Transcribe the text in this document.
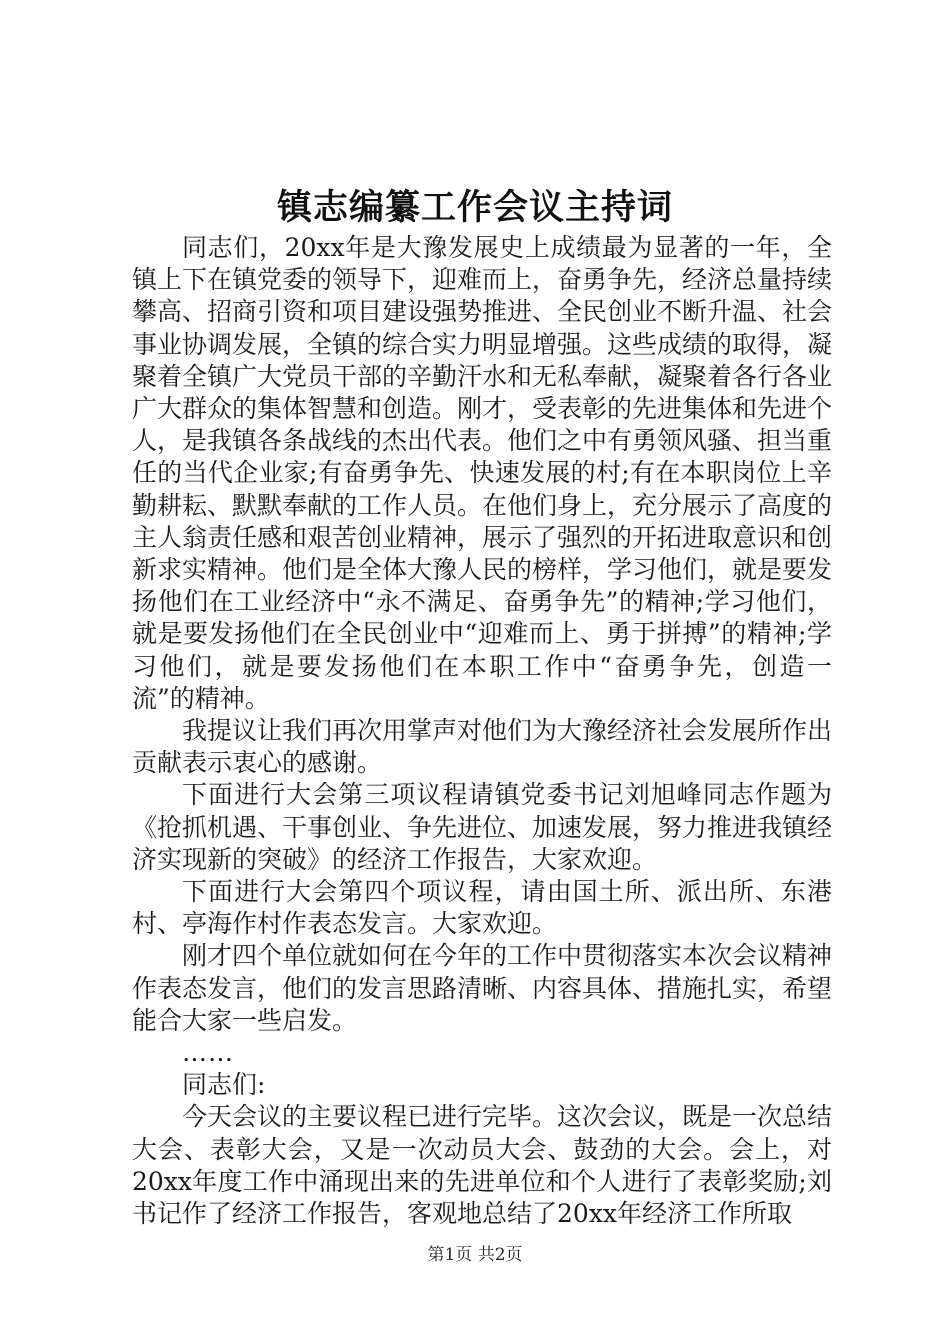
镇志编纂工作会议主持词

同志们，20xx年是大豫发展史上成绩最为显著的一年，全镇上下在镇党委的领导下，迎难而上，奋勇争先，经济总量持续攀高、招商引资和项目建设强势推进、全民创业不断升温、社会事业协调发展，全镇的综合实力明显增强。这些成绩的取得，凝聚着全镇广大党员干部的辛勤汗水和无私奉献，凝聚着各行各业广大群众的集体智慧和创造。刚才，受表彰的先进集体和先进个人，是我镇各条战线的杰出代表。他们之中有勇领风骚、担当重任的当代企业家;有奋勇争先、快速发展的村;有在本职岗位上辛勤耕耘、默默奉献的工作人员。在他们身上，充分展示了高度的主人翁责任感和艰苦创业精神，展示了强烈的开拓进取意识和创新求实精神。他们是全体大豫人民的榜样，学习他们，就是要发扬他们在工业经济中“永不满足、奋勇争先”的精神;学习他们，就是要发扬他们在全民创业中“迎难而上、勇于拼搏”的精神;学习他们，就是要发扬他们在本职工作中“奋勇争先，创造一流”的精神。

我提议让我们再次用掌声对他们为大豫经济社会发展所作出贡献表示衷心的感谢。

下面进行大会第三项议程请镇党委书记刘旭峰同志作题为《抢抓机遇、干事创业、争先进位、加速发展，努力推进我镇经济实现新的突破》的经济工作报告，大家欢迎。

下面进行大会第四个项议程，请由国土所、派出所、东港村、亭海作村作表态发言。大家欢迎。

刚才四个单位就如何在今年的工作中贯彻落实本次会议精神作表态发言，他们的发言思路清晰、内容具体、措施扎实，希望能合大家一些启发。

……

同志们:

今天会议的主要议程已进行完毕。这次会议，既是一次总结大会、表彰大会，又是一次动员大会、鼓劲的大会。会上，对20xx年度工作中涌现出来的先进单位和个人进行了表彰奖励;刘书记作了经济工作报告，客观地总结了20xx年经济工作所取

第1页 共2页
